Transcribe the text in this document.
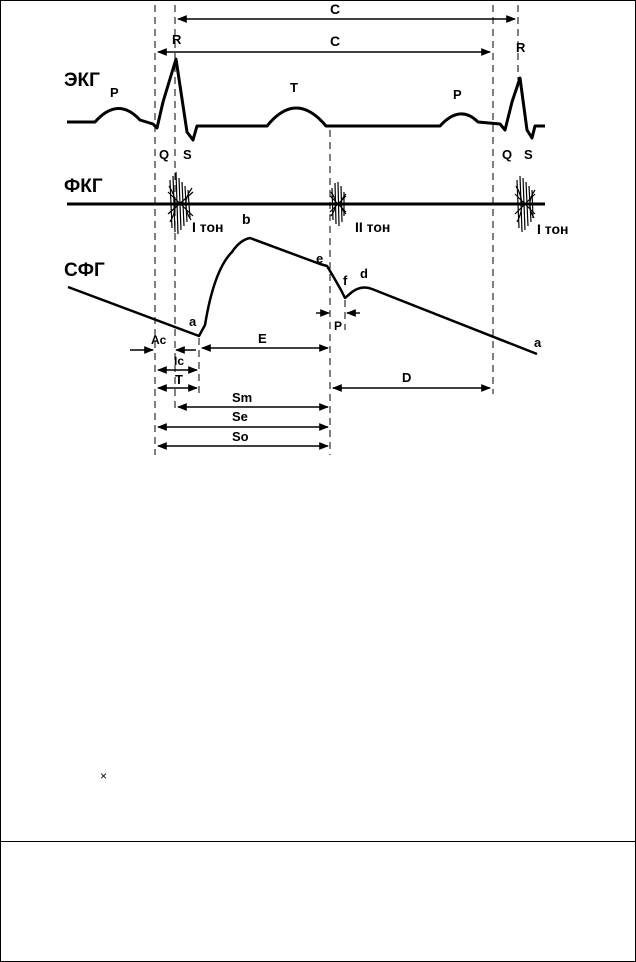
ЭКГ
ФКГ
СФГ
P
R
Q S
T	P
R
Q S
I тон	II тон	I тон
a
b
e
f d
a
C
C
Ac
Ic
E
P
T	D
Sm
Se
So
×
